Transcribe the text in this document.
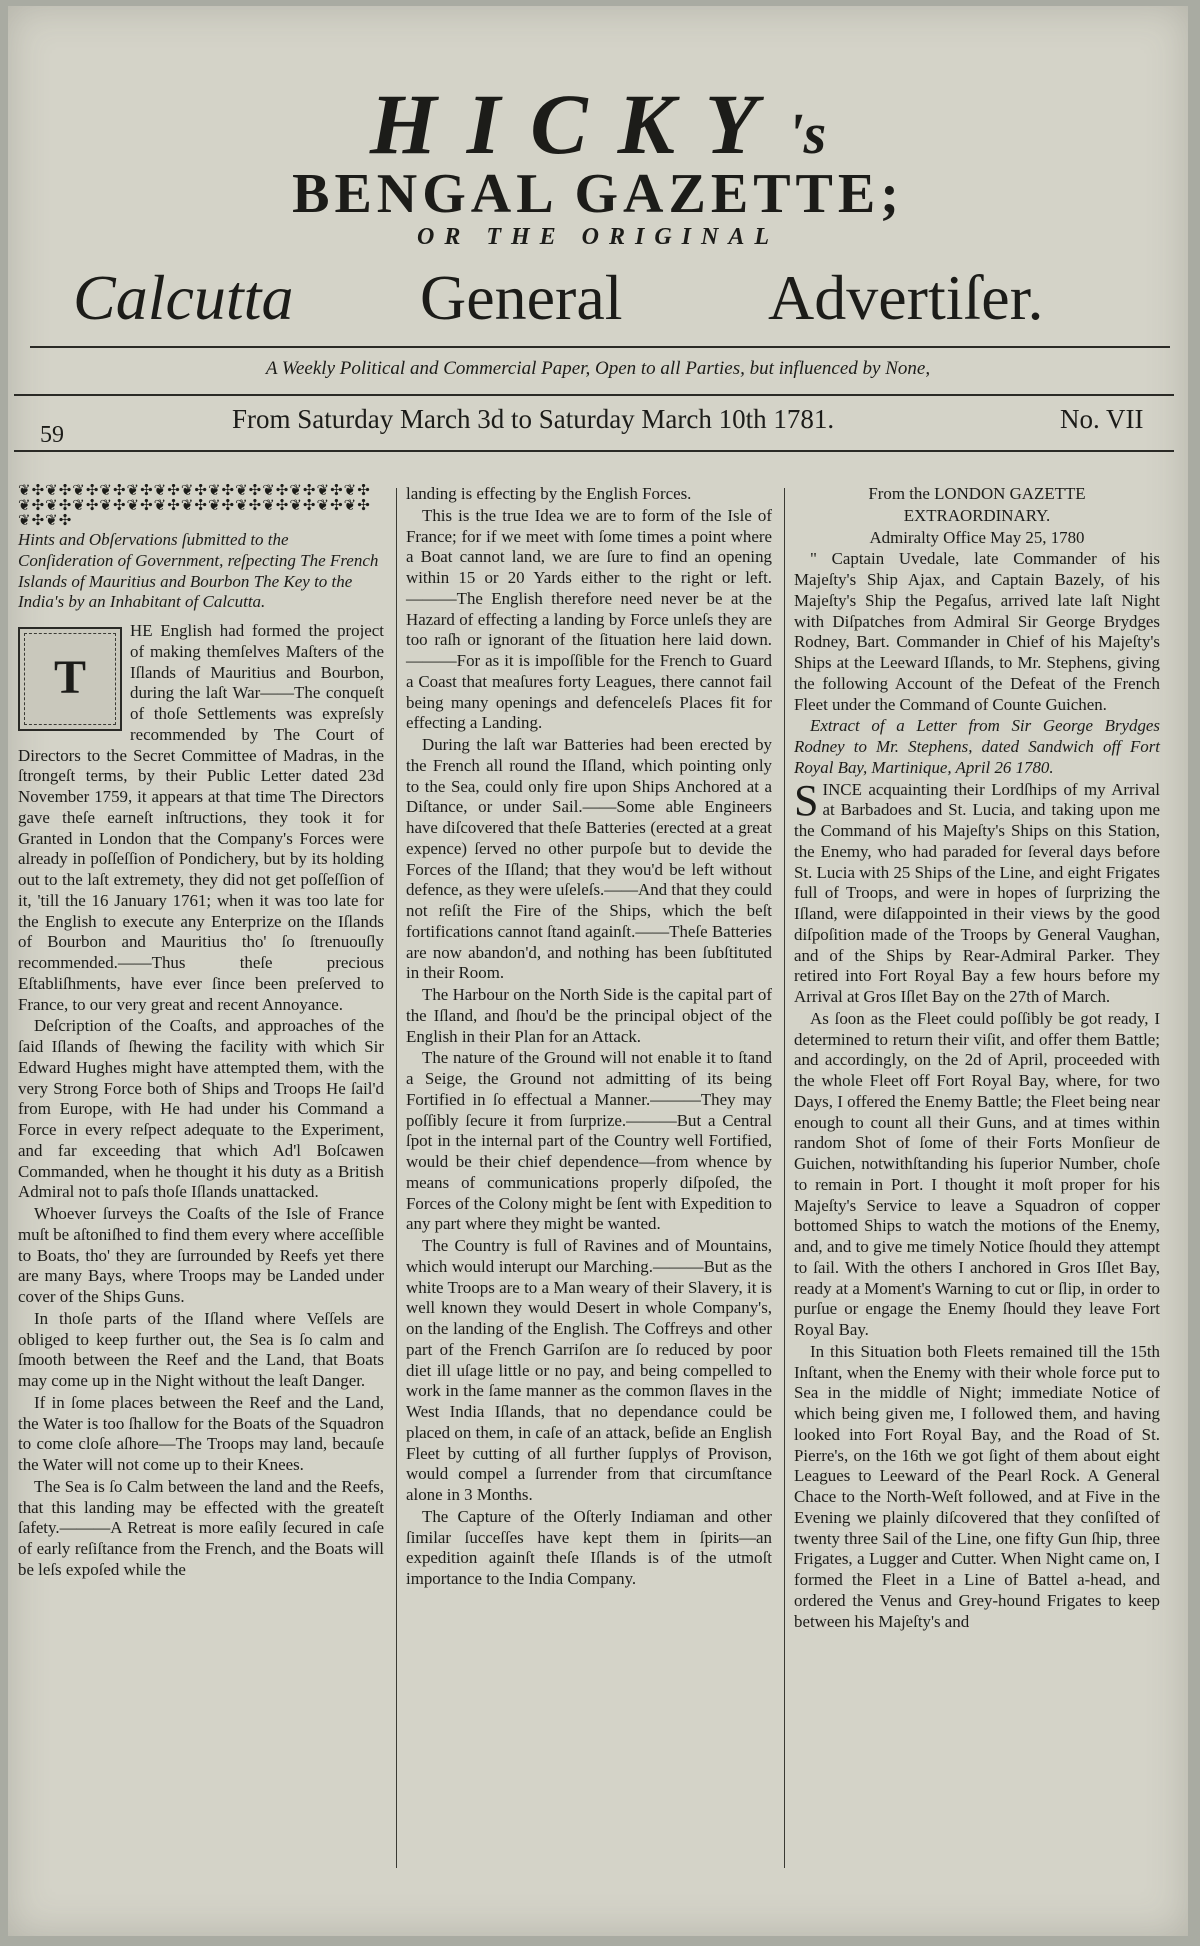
HICKY's
BENGAL GAZETTE;
OR THE ORIGINAL
Calcutta General Advertiſer.
A Weekly Political and Commercial Paper, Open to all Parties, but influenced by None,
59
From Saturday March 3d to Saturday March 10th 1781.	No. VII
❦✣❦✣❦✣❦✣❦✣❦✣❦✣❦✣❦✣❦✣❦✣❦✣❦✣❦✣❦✣❦✣❦✣❦✣❦✣❦✣❦✣❦✣❦✣❦✣❦✣❦✣❦✣❦✣
Hints and Obſervations ſubmitted to the Conſideration of Government, reſpecting The French Islands of Mauritius and Bourbon The Key to the India's by an Inhabitant of Calcutta.
T

HE English had formed the project of making themſelves Maſters of the Iſlands of Mauritius and Bourbon, during the laſt War——The conqueſt of thoſe Settlements was expreſsly recommended by The Court of Directors to the Secret Committee of Madras, in the ſtrongeſt terms, by their Public Letter dated 23d November 1759, it appears at that time The Directors gave theſe earneſt inſtructions, they took it for Granted in London that the Company's Forces were already in poſſeſſion of Pondichery, but by its holding out to the laſt extremety, they did not get poſſeſſion of it, 'till the 16 January 1761; when it was too late for the English to execute any Enterprize on the Iſlands of Bourbon and Mauritius tho' ſo ſtrenuouſly recommended.——Thus theſe precious Eſtabliſhments, have ever ſince been preſerved to France, to our very great and recent Annoyance.

Deſcription of the Coaſts, and approaches of the ſaid Iſlands of ſhewing the facility with which Sir Edward Hughes might have attempted them, with the very Strong Force both of Ships and Troops He ſail'd from Europe, with He had under his Command a Force in every reſpect adequate to the Experiment, and far exceeding that which Ad'l Boſcawen Commanded, when he thought it his duty as a British Admiral not to paſs thoſe Iſlands unattacked.

Whoever ſurveys the Coaſts of the Isle of France muſt be aſtoniſhed to find them every where acceſſible to Boats, tho' they are ſurrounded by Reefs yet there are many Bays, where Troops may be Landed under cover of the Ships Guns.

In thoſe parts of the Iſland where Veſſels are obliged to keep further out, the Sea is ſo calm and ſmooth between the Reef and the Land, that Boats may come up in the Night without the leaſt Danger.

If in ſome places between the Reef and the Land, the Water is too ſhallow for the Boats of the Squadron to come cloſe aſhore—The Troops may land, becauſe the Water will not come up to their Knees.

The Sea is ſo Calm between the land and the Reefs, that this landing may be effected with the greateſt ſafety.———A Retreat is more eaſily ſecured in caſe of early reſiſtance from the French, and the Boats will be leſs expoſed while the

landing is effecting by the English Forces.

This is the true Idea we are to form of the Isle of France; for if we meet with ſome times a point where a Boat cannot land, we are ſure to find an opening within 15 or 20 Yards either to the right or left.———The English therefore need never be at the Hazard of effecting a landing by Force unleſs they are too raſh or ignorant of the ſituation here laid down.———For as it is impoſſible for the French to Guard a Coast that meaſures forty Leagues, there cannot fail being many openings and defenceleſs Places fit for effecting a Landing.

During the laſt war Batteries had been erected by the French all round the Iſland, which pointing only to the Sea, could only fire upon Ships Anchored at a Diſtance, or under Sail.——Some able Engineers have diſcovered that theſe Batteries (erected at a great expence) ſerved no other purpoſe but to devide the Forces of the Iſland; that they wou'd be left without defence, as they were uſeleſs.——And that they could not reſiſt the Fire of the Ships, which the beſt fortifications cannot ſtand againſt.——Theſe Batteries are now abandon'd, and nothing has been ſubſtituted in their Room.

The Harbour on the North Side is the capital part of the Iſland, and ſhou'd be the principal object of the English in their Plan for an Attack.

The nature of the Ground will not enable it to ſtand a Seige, the Ground not admitting of its being Fortified in ſo effectual a Manner.———They may poſſibly ſecure it from ſurprize.———But a Central ſpot in the internal part of the Country well Fortified, would be their chief dependence—from whence by means of communications properly diſpoſed, the Forces of the Colony might be ſent with Expedition to any part where they might be wanted.

The Country is full of Ravines and of Mountains, which would interupt our Marching.———But as the white Troops are to a Man weary of their Slavery, it is well known they would Desert in whole Company's, on the landing of the English. The Coffreys and other part of the French Garriſon are ſo reduced by poor diet ill uſage little or no pay, and being compelled to work in the ſame manner as the common ſlaves in the West India Iſlands, that no dependance could be placed on them, in caſe of an attack, beſide an English Fleet by cutting of all further ſupplys of Provison, would compel a ſurrender from that circumſtance alone in 3 Months.

The Capture of the Oſterly Indiaman and other ſimilar ſucceſſes have kept them in ſpirits—an expedition againſt theſe Iſlands is of the utmoſt importance to the India Company.

From the LONDON GAZETTE

EXTRAORDINARY.

Admiralty Office May 25, 1780

" Captain Uvedale, late Commander of his Majeſty's Ship Ajax, and Captain Bazely, of his Majeſty's Ship the Pegaſus, arrived late laſt Night with Diſpatches from Admiral Sir George Brydges Rodney, Bart. Commander in Chief of his Majeſty's Ships at the Leeward Iſlands, to Mr. Stephens, giving the following Account of the Defeat of the French Fleet under the Command of Counte Guichen.

Extract of a Letter from Sir George Brydges Rodney to Mr. Stephens, dated Sandwich off Fort Royal Bay, Martinique, April 26 1780.

SINCE acquainting their Lordſhips of my Arrival at Barbadoes and St. Lucia, and taking upon me the Command of his Majeſty's Ships on this Station, the Enemy, who had paraded for ſeveral days before St. Lucia with 25 Ships of the Line, and eight Frigates full of Troops, and were in hopes of ſurprizing the Iſland, were diſappointed in their views by the good diſpoſition made of the Troops by General Vaughan, and of the Ships by Rear-Admiral Parker. They retired into Fort Royal Bay a few hours before my Arrival at Gros Iſlet Bay on the 27th of March.

As ſoon as the Fleet could poſſibly be got ready, I determined to return their viſit, and offer them Battle; and accordingly, on the 2d of April, proceeded with the whole Fleet off Fort Royal Bay, where, for two Days, I offered the Enemy Battle; the Fleet being near enough to count all their Guns, and at times within random Shot of ſome of their Forts Monſieur de Guichen, notwithſtanding his ſuperior Number, choſe to remain in Port. I thought it moſt proper for his Majeſty's Service to leave a Squadron of copper bottomed Ships to watch the motions of the Enemy, and, and to give me timely Notice ſhould they attempt to ſail. With the others I anchored in Gros Iſlet Bay, ready at a Moment's Warning to cut or ſlip, in order to purſue or engage the Enemy ſhould they leave Fort Royal Bay.

In this Situation both Fleets remained till the 15th Inſtant, when the Enemy with their whole force put to Sea in the middle of Night; immediate Notice of which being given me, I followed them, and having looked into Fort Royal Bay, and the Road of St. Pierre's, on the 16th we got ſight of them about eight Leagues to Leeward of the Pearl Rock. A General Chace to the North-Weſt followed, and at Five in the Evening we plainly diſcovered that they conſiſted of twenty three Sail of the Line, one fifty Gun ſhip, three Frigates, a Lugger and Cutter. When Night came on, I formed the Fleet in a Line of Battel a-head, and ordered the Venus and Grey-hound Frigates to keep between his Majeſty's and
